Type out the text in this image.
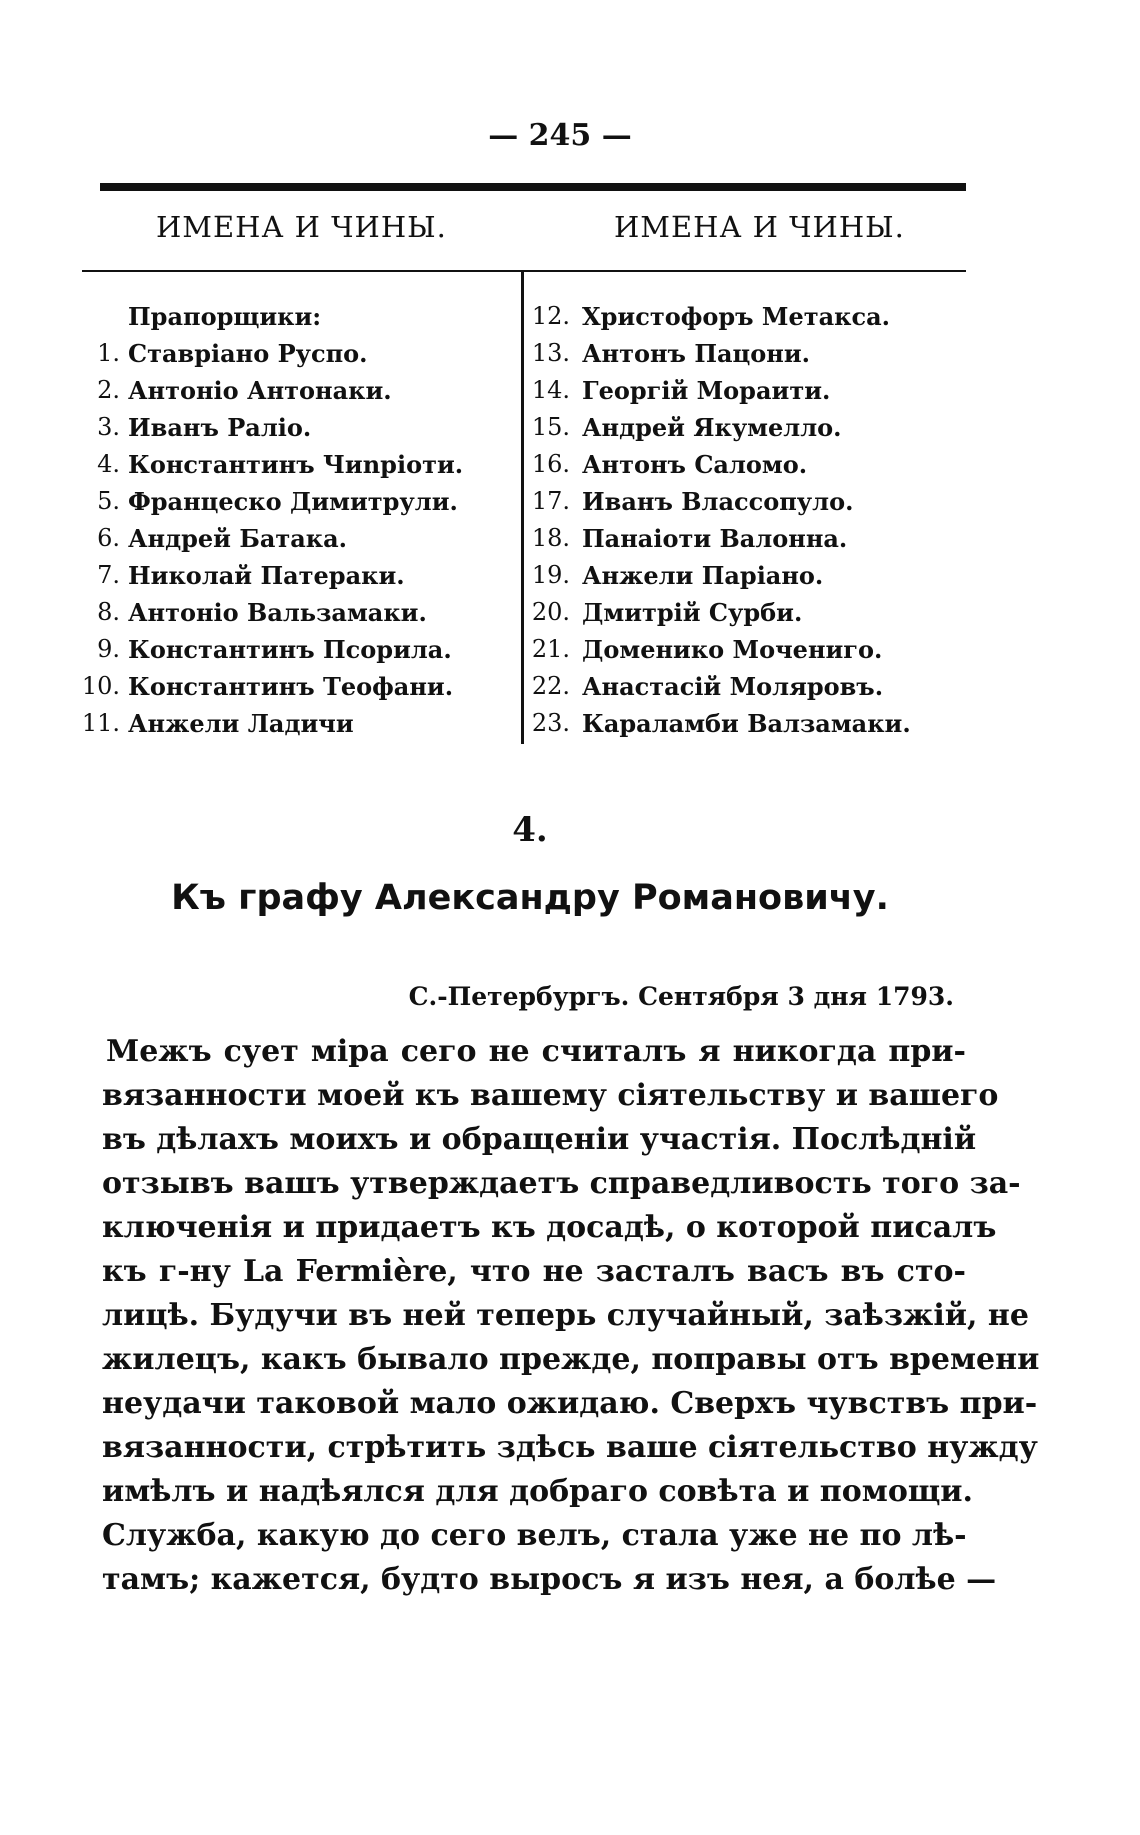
— 245 —
ИМЕНА И ЧИНЫ.	ИМЕНА И ЧИНЫ.
Прапорщики:
1. Ставріано Руспо.
2. Антоніо Антонаки.
3. Иванъ Раліо.
4. Константинъ Чиnріоти.
5. Францеско Димитрули.
6. Андрей Батака.
7. Николай Патераки.
8. Антоніо Вальзамаки.
9. Константинъ Псорила.
10. Константинъ Теофани.
11. Анжели Ладичи
12. Христофоръ Метакса.
13. Антонъ Пацони.
14. Георгій Мораити.
15. Андрей Якумелло.
16. Антонъ Саломо.
17. Иванъ Влассопуло.
18. Панаіоти Валонна.
19. Анжели Паріано.
20. Дмитрій Сурби.
21. Доменико Мочениго.
22. Анастасій Моляровъ.
23. Караламби Валзамаки.
4.
Къ графу Александру Романовичу.
С.-Петербургъ. Сентября 3 дня 1793.
Межъ сует міра сего не считалъ я никогда при-
вязанности моей къ вашему сіятельству и вашего
въ дѣлахъ моихъ и обращеніи участія. Послѣдній
отзывъ вашъ утверждаетъ справедливость того за-
ключенія и придаетъ къ досадѣ, о которой писалъ
къ г-ну La Fermière, что не засталъ васъ въ сто-
лицѣ. Будучи въ ней теперь случайный, заѣзжій, не
жилецъ, какъ бывало прежде, поправы отъ времени
неудачи таковой мало ожидаю. Сверхъ чувствъ при-
вязанности, стрѣтить здѣсь ваше сіятельство нужду
имѣлъ и надѣялся для добраго совѣта и помощи.
Служба, какую до сего велъ, стала уже не по лѣ-
тамъ; кажется, будто выросъ я изъ нея, а болѣе —
